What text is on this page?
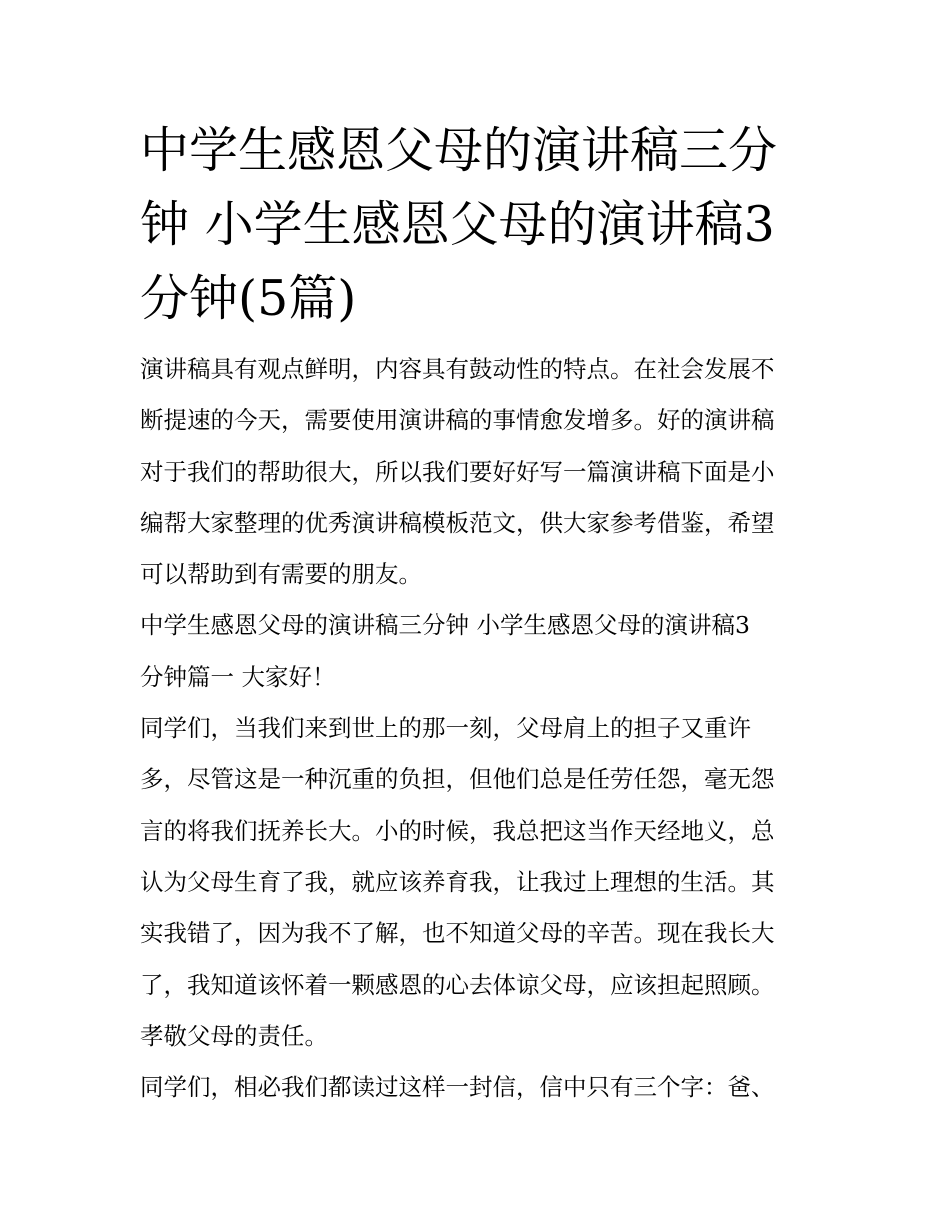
中学生感恩父母的演讲稿三分
钟 小学生感恩父母的演讲稿3
分钟(5篇)
演讲稿具有观点鲜明，内容具有鼓动性的特点。在社会发展不
断提速的今天，需要使用演讲稿的事情愈发增多。好的演讲稿
对于我们的帮助很大，所以我们要好好写一篇演讲稿下面是小
编帮大家整理的优秀演讲稿模板范文，供大家参考借鉴，希望
可以帮助到有需要的朋友。
中学生感恩父母的演讲稿三分钟 小学生感恩父母的演讲稿3
分钟篇一 大家好！
同学们，当我们来到世上的那一刻，父母肩上的担子又重许
多，尽管这是一种沉重的负担，但他们总是任劳任怨，毫无怨
言的将我们抚养长大。小的时候，我总把这当作天经地义，总
认为父母生育了我，就应该养育我，让我过上理想的生活。其
实我错了，因为我不了解，也不知道父母的辛苦。现在我长大
了，我知道该怀着一颗感恩的心去体谅父母，应该担起照顾。
孝敬父母的责任。
同学们，相必我们都读过这样一封信，信中只有三个字：爸、
